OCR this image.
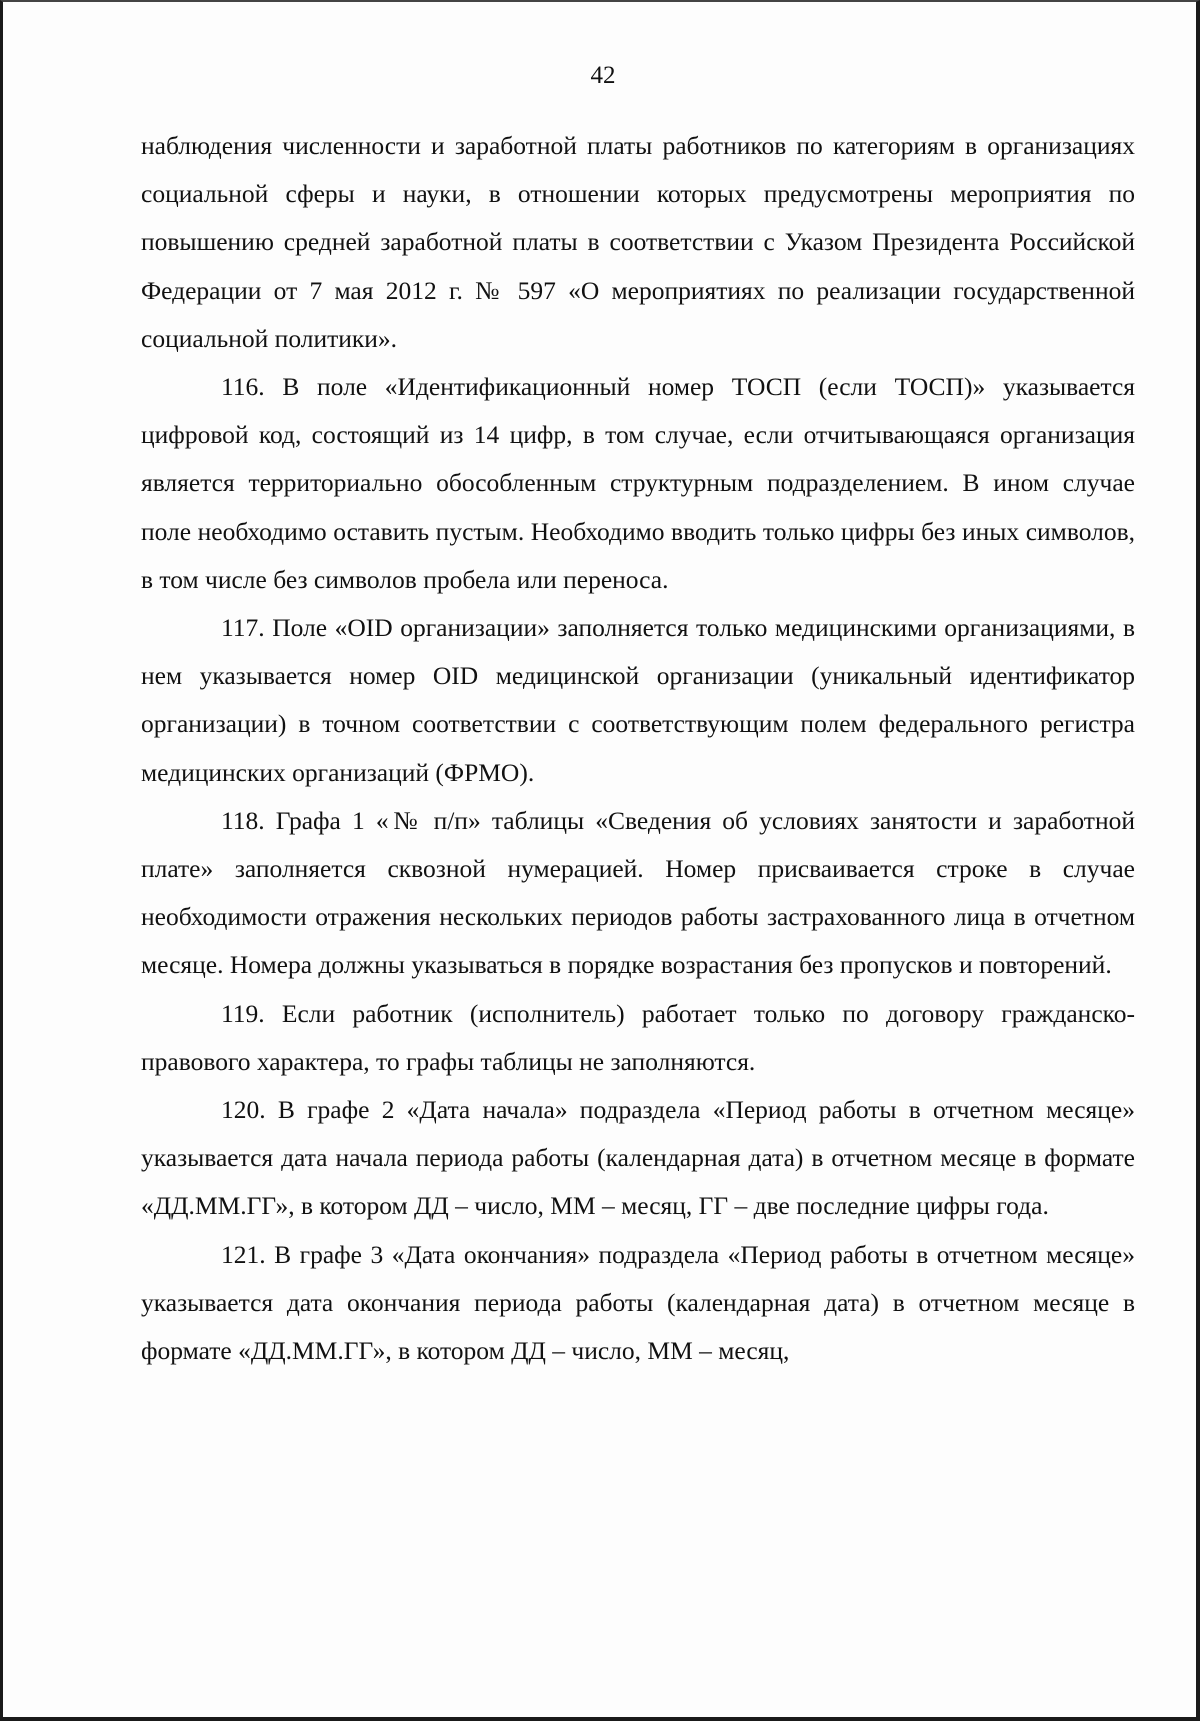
42

наблюдения численности и заработной платы работников по категориям в организациях социальной сферы и науки, в отношении которых предусмотрены мероприятия по повышению средней заработной платы в соответствии с Указом Президента Российской Федерации от 7 мая 2012 г. № 597 «О мероприятиях по реализации государственной социальной политики».

116. В поле «Идентификационный номер ТОСП (если ТОСП)» указывается цифровой код, состоящий из 14 цифр, в том случае, если отчитывающаяся организация является территориально обособленным структурным подразделением. В ином случае поле необходимо оставить пустым. Необходимо вводить только цифры без иных символов, в том числе без символов пробела или переноса.

117. Поле «OID организации» заполняется только медицинскими организациями, в нем указывается номер OID медицинской организации (уникальный идентификатор организации) в точном соответствии с соответствующим полем федерального регистра медицинских организаций (ФРМО).

118. Графа 1 «№ п/п» таблицы «Сведения об условиях занятости и заработной плате» заполняется сквозной нумерацией. Номер присваивается строке в случае необходимости отражения нескольких периодов работы застрахованного лица в отчетном месяце. Номера должны указываться в порядке возрастания без пропусков и повторений.

119. Если работник (исполнитель) работает только по договору гражданско-правового характера, то графы таблицы не заполняются.

120. В графе 2 «Дата начала» подраздела «Период работы в отчетном месяце» указывается дата начала периода работы (календарная дата) в отчетном месяце в формате «ДД.ММ.ГГ», в котором ДД – число, ММ – месяц, ГГ – две последние цифры года.

121. В графе 3 «Дата окончания» подраздела «Период работы в отчетном месяце» указывается дата окончания периода работы (календарная дата) в отчетном месяце в формате «ДД.ММ.ГГ», в котором ДД – число, ММ – месяц,
